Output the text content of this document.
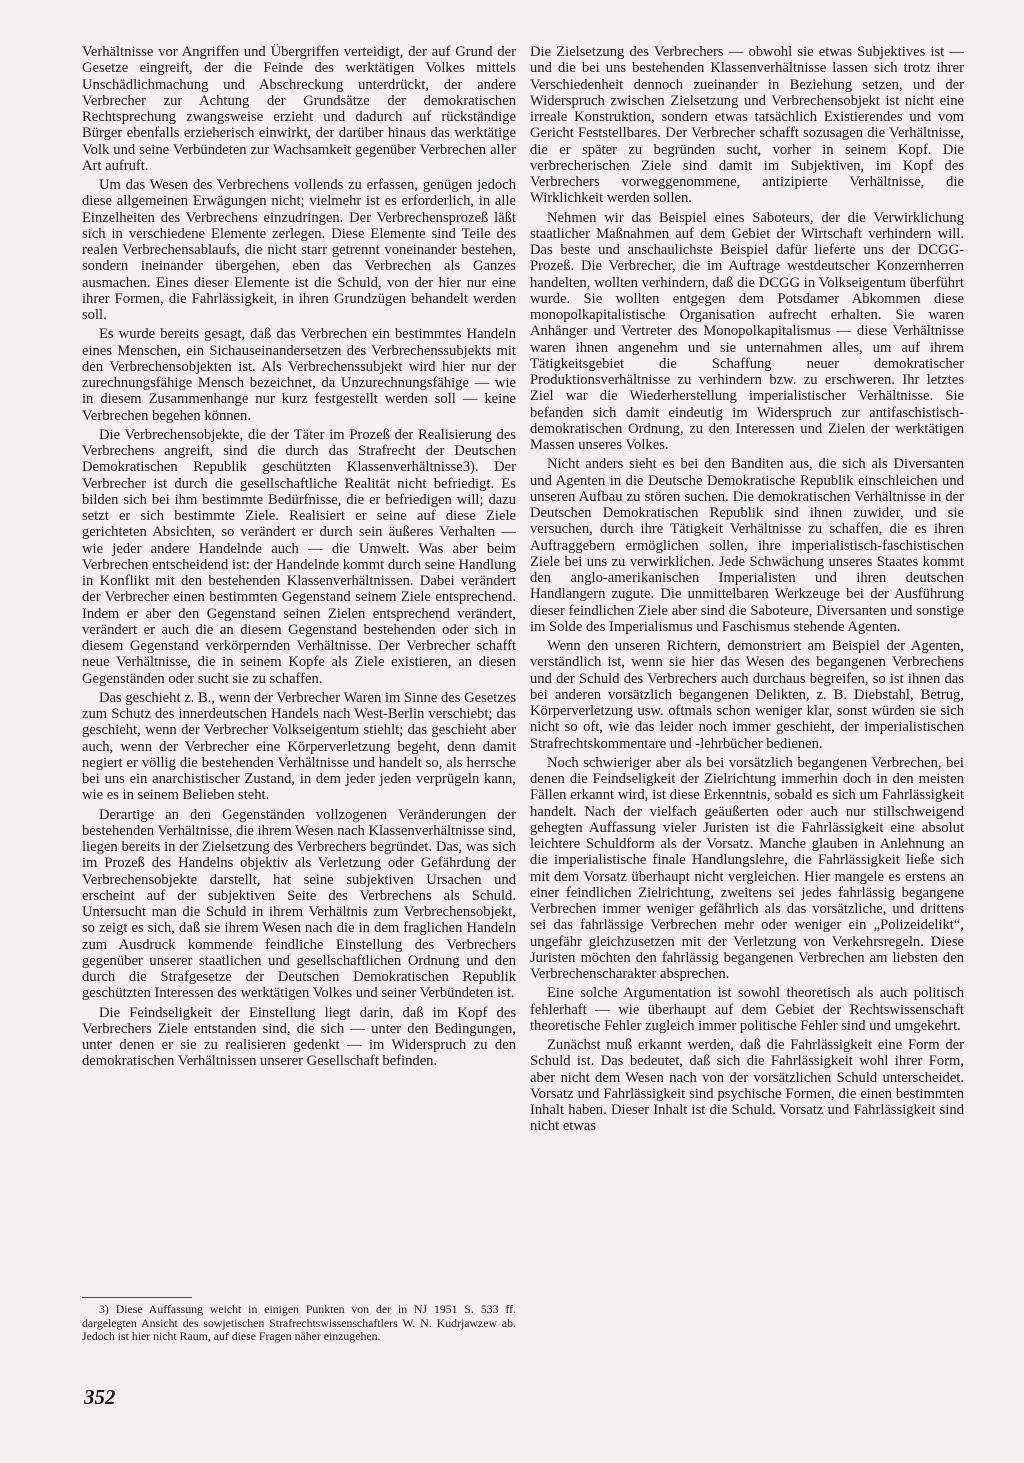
Verhältnisse vor Angriffen und Übergriffen verteidigt, der auf Grund der Gesetze eingreift, der die Feinde des werktätigen Volkes mittels Unschädlichmachung und Abschreckung unterdrückt, der andere Verbrecher zur Achtung der Grundsätze der demokratischen Rechtsprechung zwangsweise erzieht und dadurch auf rückständige Bürger ebenfalls erzieherisch einwirkt, der darüber hinaus das werktätige Volk und seine Verbündeten zur Wachsamkeit gegenüber Verbrechen aller Art aufruft.

Um das Wesen des Verbrechens vollends zu erfassen, genügen jedoch diese allgemeinen Erwägungen nicht; vielmehr ist es erforderlich, in alle Einzelheiten des Verbrechens einzudringen. Der Verbrechensprozeß läßt sich in verschiedene Elemente zerlegen. Diese Elemente sind Teile des realen Verbrechensablaufs, die nicht starr getrennt voneinander bestehen, sondern ineinander übergehen, eben das Verbrechen als Ganzes ausmachen. Eines dieser Elemente ist die Schuld, von der hier nur eine ihrer Formen, die Fahrlässigkeit, in ihren Grundzügen behandelt werden soll.

Es wurde bereits gesagt, daß das Verbrechen ein bestimmtes Handeln eines Menschen, ein Sichauseinandersetzen des Verbrechenssubjekts mit den Verbrechensobjekten ist. Als Verbrechenssubjekt wird hier nur der zurechnungsfähige Mensch bezeichnet, da Unzurechnungsfähige — wie in diesem Zusammenhange nur kurz festgestellt werden soll — keine Verbrechen begehen können.

Die Verbrechensobjekte, die der Täter im Prozeß der Realisierung des Verbrechens angreift, sind die durch das Strafrecht der Deutschen Demokratischen Republik geschützten Klassenverhältnisse3). Der Verbrecher ist durch die gesellschaftliche Realität nicht befriedigt. Es bilden sich bei ihm bestimmte Bedürfnisse, die er befriedigen will; dazu setzt er sich bestimmte Ziele. Realisiert er seine auf diese Ziele gerichteten Absichten, so verändert er durch sein äußeres Verhalten — wie jeder andere Handelnde auch — die Umwelt. Was aber beim Verbrechen entscheidend ist: der Handelnde kommt durch seine Handlung in Konflikt mit den bestehenden Klassenverhältnissen. Dabei verändert der Verbrecher einen bestimmten Gegenstand seinem Ziele entsprechend. Indem er aber den Gegenstand seinen Zielen entsprechend verändert, verändert er auch die an diesem Gegenstand bestehenden oder sich in diesem Gegenstand verkörpernden Verhältnisse. Der Verbrecher schafft neue Verhältnisse, die in seinem Kopfe als Ziele existieren, an diesen Gegenständen oder sucht sie zu schaffen.

Das geschieht z. B., wenn der Verbrecher Waren im Sinne des Gesetzes zum Schutz des innerdeutschen Handels nach West-Berlin verschiebt; das geschieht, wenn der Verbrecher Volkseigentum stiehlt; das geschieht aber auch, wenn der Verbrecher eine Körperverletzung begeht, denn damit negiert er völlig die bestehenden Verhältnisse und handelt so, als herrsche bei uns ein anarchistischer Zustand, in dem jeder jeden verprügeln kann, wie es in seinem Belieben steht.

Derartige an den Gegenständen vollzogenen Veränderungen der bestehenden Verhältnisse, die ihrem Wesen nach Klassenverhältnisse sind, liegen bereits in der Zielsetzung des Verbrechers begründet. Das, was sich im Prozeß des Handelns objektiv als Verletzung oder Gefährdung der Verbrechensobjekte darstellt, hat seine subjektiven Ursachen und erscheint auf der subjektiven Seite des Verbrechens als Schuld. Untersucht man die Schuld in ihrem Verhältnis zum Verbrechensobjekt, so zeigt es sich, daß sie ihrem Wesen nach die in dem fraglichen Handeln zum Ausdruck kommende feindliche Einstellung des Verbrechers gegenüber unserer staatlichen und gesellschaftlichen Ordnung und den durch die Strafgesetze der Deutschen Demokratischen Republik geschützten Interessen des werktätigen Volkes und seiner Verbündeten ist.

Die Feindseligkeit der Einstellung liegt darin, daß im Kopf des Verbrechers Ziele entstanden sind, die sich — unter den Bedingungen, unter denen er sie zu realisieren gedenkt — im Widerspruch zu den demokratischen Verhältnissen unserer Gesellschaft befinden.

3) Diese Auffassung weicht in einigen Punkten von der in NJ 1951 S. 533 ff. dargelegten Ansicht des sowjetischen Strafrechtswissenschaftlers W. N. Kudrjawzew ab. Jedoch ist hier nicht Raum, auf diese Fragen näher einzugehen.

352

Die Zielsetzung des Verbrechers — obwohl sie etwas Subjektives ist — und die bei uns bestehenden Klassenverhältnisse lassen sich trotz ihrer Verschiedenheit dennoch zueinander in Beziehung setzen, und der Widerspruch zwischen Zielsetzung und Verbrechensobjekt ist nicht eine irreale Konstruktion, sondern etwas tatsächlich Existierendes und vom Gericht Feststellbares. Der Verbrecher schafft sozusagen die Verhältnisse, die er später zu begründen sucht, vorher in seinem Kopf. Die verbrecherischen Ziele sind damit im Subjektiven, im Kopf des Verbrechers vorweggenommene, antizipierte Verhältnisse, die Wirklichkeit werden sollen.

Nehmen wir das Beispiel eines Saboteurs, der die Verwirklichung staatlicher Maßnahmen auf dem Gebiet der Wirtschaft verhindern will. Das beste und anschaulichste Beispiel dafür lieferte uns der DCGG-Prozeß. Die Verbrecher, die im Auftrage westdeutscher Konzernherren handelten, wollten verhindern, daß die DCGG in Volkseigentum überführt wurde. Sie wollten entgegen dem Potsdamer Abkommen diese monopolkapitalistische Organisation aufrecht erhalten. Sie waren Anhänger und Vertreter des Monopolkapitalismus — diese Verhältnisse waren ihnen angenehm und sie unternahmen alles, um auf ihrem Tätigkeitsgebiet die Schaffung neuer demokratischer Produktionsverhältnisse zu verhindern bzw. zu erschweren. Ihr letztes Ziel war die Wiederherstellung imperialistischer Verhältnisse. Sie befanden sich damit eindeutig im Widerspruch zur antifaschistisch-demokratischen Ordnung, zu den Interessen und Zielen der werktätigen Massen unseres Volkes.

Nicht anders sieht es bei den Banditen aus, die sich als Diversanten und Agenten in die Deutsche Demokratische Republik einschleichen und unseren Aufbau zu stören suchen. Die demokratischen Verhältnisse in der Deutschen Demokratischen Republik sind ihnen zuwider, und sie versuchen, durch ihre Tätigkeit Verhältnisse zu schaffen, die es ihren Auftraggebern ermöglichen sollen, ihre imperialistisch-faschistischen Ziele bei uns zu verwirklichen. Jede Schwächung unseres Staates kommt den anglo-amerikanischen Imperialisten und ihren deutschen Handlangern zugute. Die unmittelbaren Werkzeuge bei der Ausführung dieser feindlichen Ziele aber sind die Saboteure, Diversanten und sonstige im Solde des Imperialismus und Faschismus stehende Agenten.

Wenn den unseren Richtern, demonstriert am Beispiel der Agenten, verständlich ist, wenn sie hier das Wesen des begangenen Verbrechens und der Schuld des Verbrechers auch durchaus begreifen, so ist ihnen das bei anderen vorsätzlich begangenen Delikten, z. B. Diebstahl, Betrug, Körperverletzung usw. oftmals schon weniger klar, sonst würden sie sich nicht so oft, wie das leider noch immer geschieht, der imperialistischen Strafrechtskommentare und -lehrbücher bedienen.

Noch schwieriger aber als bei vorsätzlich begangenen Verbrechen, bei denen die Feindseligkeit der Zielrichtung immerhin doch in den meisten Fällen erkannt wird, ist diese Erkenntnis, sobald es sich um Fahrlässigkeit handelt. Nach der vielfach geäußerten oder auch nur stillschweigend gehegten Auffassung vieler Juristen ist die Fahrlässigkeit eine absolut leichtere Schuldform als der Vorsatz. Manche glauben in Anlehnung an die imperialistische finale Handlungslehre, die Fahrlässigkeit ließe sich mit dem Vorsatz überhaupt nicht vergleichen. Hier mangele es erstens an einer feindlichen Zielrichtung, zweitens sei jedes fahrlässig begangene Verbrechen immer weniger gefährlich als das vorsätzliche, und drittens sei das fahrlässige Verbrechen mehr oder weniger ein „Polizeidelikt“, ungefähr gleichzusetzen mit der Verletzung von Verkehrsregeln. Diese Juristen möchten den fahrlässig begangenen Verbrechen am liebsten den Verbrechenscharakter absprechen.

Eine solche Argumentation ist sowohl theoretisch als auch politisch fehlerhaft — wie überhaupt auf dem Gebiet der Rechtswissenschaft theoretische Fehler zugleich immer politische Fehler sind und umgekehrt.

Zunächst muß erkannt werden, daß die Fahrlässigkeit eine Form der Schuld ist. Das bedeutet, daß sich die Fahrlässigkeit wohl ihrer Form, aber nicht dem Wesen nach von der vorsätzlichen Schuld unterscheidet. Vorsatz und Fahrlässigkeit sind psychische Formen, die einen bestimmten Inhalt haben. Dieser Inhalt ist die Schuld. Vorsatz und Fahrlässigkeit sind nicht etwas
